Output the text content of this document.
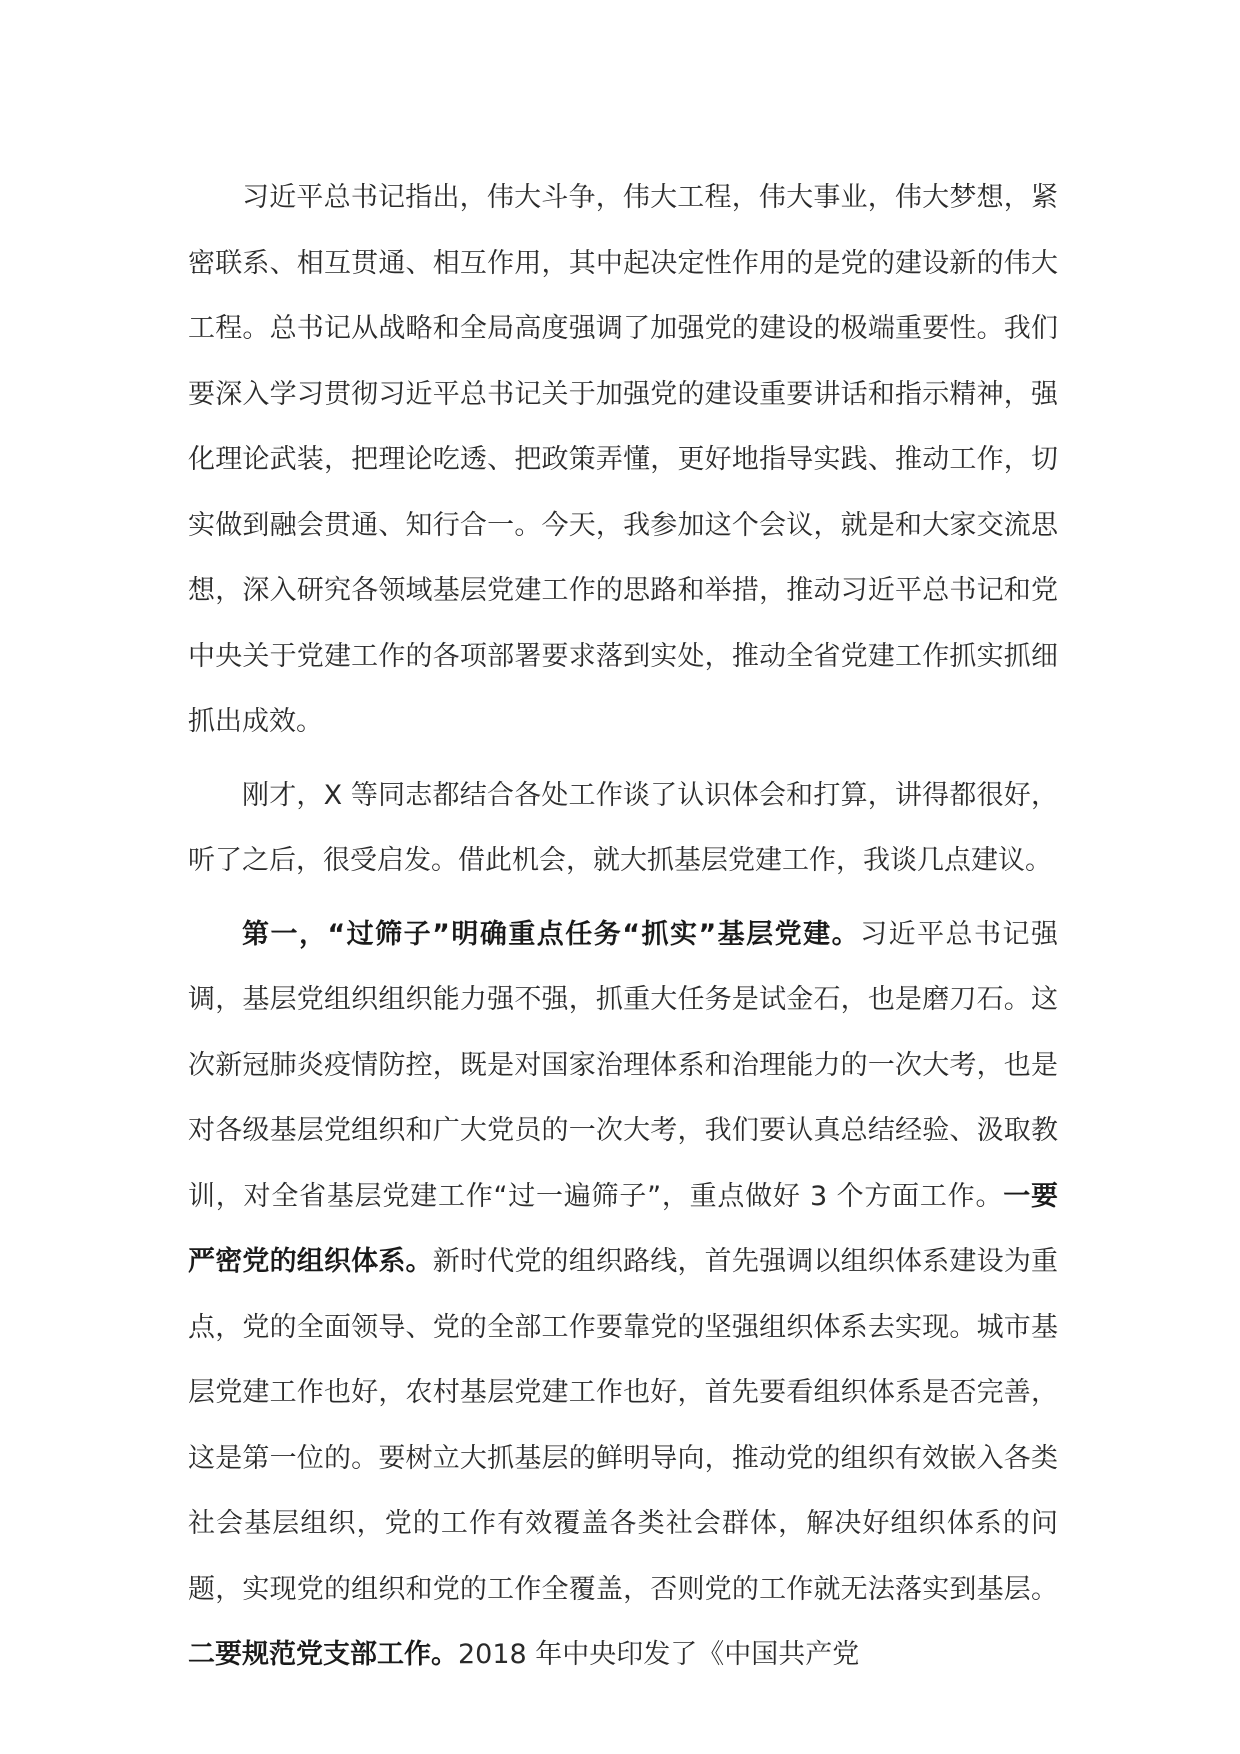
习近平总书记指出，伟大斗争，伟大工程，伟大事业，伟大梦想，紧密联系、相互贯通、相互作用，其中起决定性作用的是党的建设新的伟大工程。总书记从战略和全局高度强调了加强党的建设的极端重要性。我们要深入学习贯彻习近平总书记关于加强党的建设重要讲话和指示精神，强化理论武装，把理论吃透、把政策弄懂，更好地指导实践、推动工作，切实做到融会贯通、知行合一。今天，我参加这个会议，就是和大家交流思想，深入研究各领域基层党建工作的思路和举措，推动习近平总书记和党中央关于党建工作的各项部署要求落到实处，推动全省党建工作抓实抓细抓出成效。

刚才，X 等同志都结合各处工作谈了认识体会和打算，讲得都很好，听了之后，很受启发。借此机会，就大抓基层党建工作，我谈几点建议。

第一，“过筛子”明确重点任务“抓实”基层党建。习近平总书记强调，基层党组织组织能力强不强，抓重大任务是试金石，也是磨刀石。这次新冠肺炎疫情防控，既是对国家治理体系和治理能力的一次大考，也是对各级基层党组织和广大党员的一次大考，我们要认真总结经验、汲取教训，对全省基层党建工作“过一遍筛子”，重点做好 3 个方面工作。一要严密党的组织体系。新时代党的组织路线，首先强调以组织体系建设为重点，党的全面领导、党的全部工作要靠党的坚强组织体系去实现。城市基层党建工作也好，农村基层党建工作也好，首先要看组织体系是否完善，这是第一位的。要树立大抓基层的鲜明导向，推动党的组织有效嵌入各类社会基层组织，党的工作有效覆盖各类社会群体，解决好组织体系的问题，实现党的组织和党的工作全覆盖，否则党的工作就无法落实到基层。二要规范党支部工作。2018 年中央印发了《中国共产党
